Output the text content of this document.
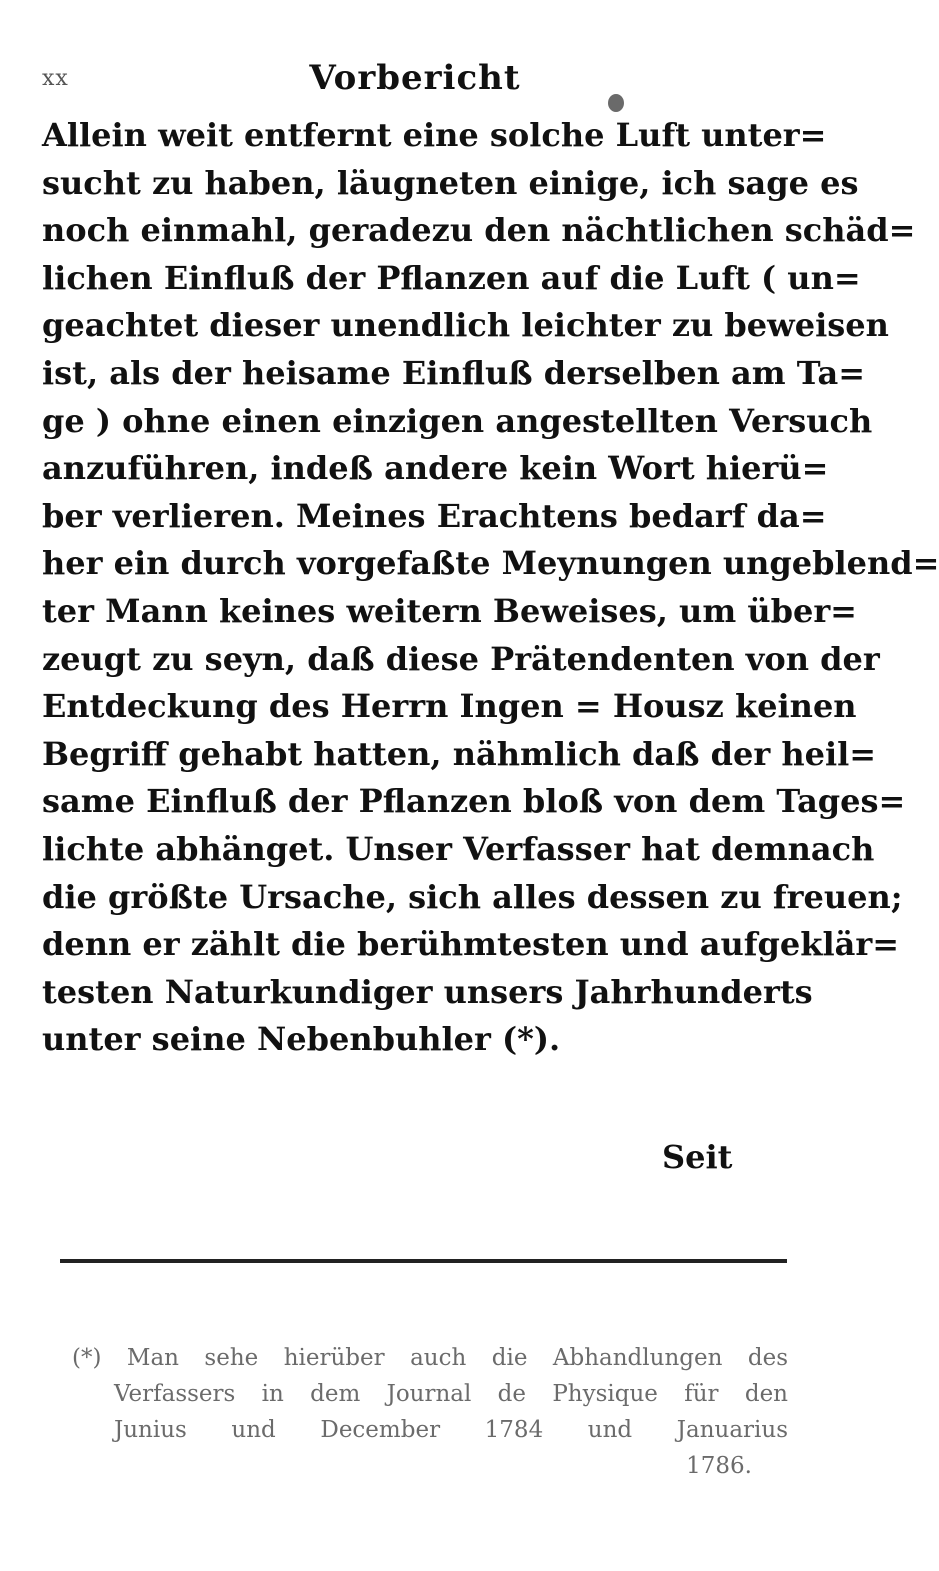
xx	Vorbericht
Allein weit entfernt eine solche Luft unter=
sucht zu haben, läugneten einige, ich sage es
noch einmahl, geradezu den nächtlichen schäd=
lichen Einfluß der Pflanzen auf die Luft ( un=
geachtet dieser unendlich leichter zu beweisen
ist, als der heisame Einfluß derselben am Ta=
ge ) ohne einen einzigen angestellten Versuch
anzuführen, indeß andere kein Wort hierü=
ber verlieren. Meines Erachtens bedarf da=
her ein durch vorgefaßte Meynungen ungeblend=
ter Mann keines weitern Beweises, um über=
zeugt zu seyn, daß diese Prätendenten von der
Entdeckung des Herrn Ingen = Housz keinen
Begriff gehabt hatten, nähmlich daß der heil=
same Einfluß der Pflanzen bloß von dem Tages=
lichte abhänget. Unser Verfasser hat demnach
die größte Ursache, sich alles dessen zu freuen;
denn er zählt die berühmtesten und aufgeklär=
testen Naturkundiger unsers Jahrhunderts
unter seine Nebenbuhler (*).
Seit
(*) Man sehe hierüber auch die Abhandlungen des
Verfassers in dem Journal de Physique für den
Junius und December 1784 und Januarius
1786.
